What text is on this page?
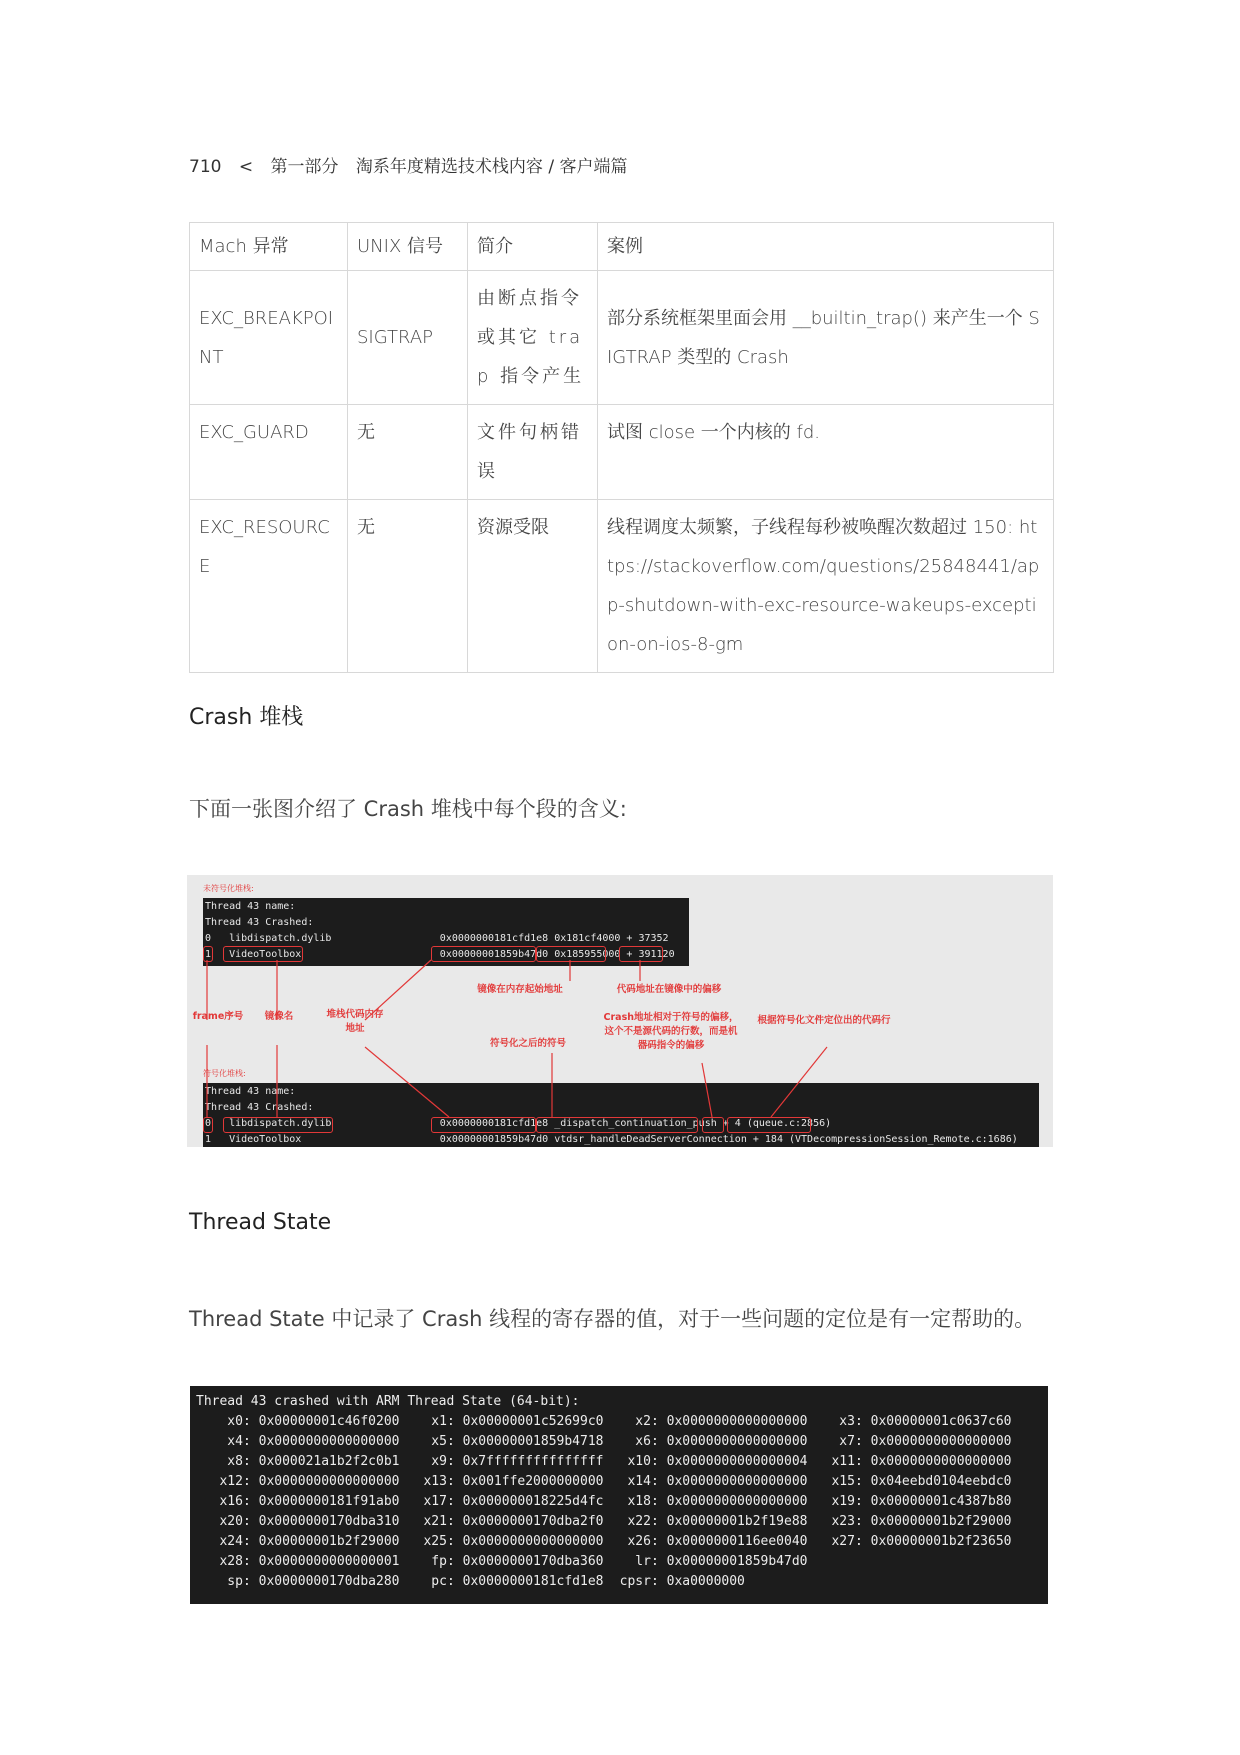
710 < 第一部分 淘系年度精选技术栈内容 / 客户端篇
Mach 异常	UNIX 信号	简介	案例
EXC_BREAKPOINT	SIGTRAP	由断点指令或其它 trap 指令产生	部分系统框架里面会用 __builtin_trap() 来产生一个 SIGTRAP 类型的 Crash
EXC_GUARD	无	文件句柄错误	试图 close 一个内核的 fd.
EXC_RESOURCE	无	资源受限	线程调度太频繁，子线程每秒被唤醒次数超过 150: https://stackoverflow.com/questions/25848441/app-shutdown-with-exc-resource-wakeups-exception-on-ios-8-gm
Crash 堆栈
下面一张图介绍了 Crash 堆栈中每个段的含义:
未符号化堆栈:

Thread 43 name:

Thread 43 Crashed:

0   libdispatch.dylib                  0x0000000181cfd1e8 0x181cf4000 + 37352

1   VideoToolbox                       0x00000001859b47d0 0x185955000 + 391120

符号化堆栈:

Thread 43 name:

Thread 43 Crashed:

0   libdispatch.dylib                  0x0000000181cfd1e8 _dispatch_continuation_push + 4 (queue.c:2856)

1   VideoToolbox                       0x00000001859b47d0 vtdsr_handleDeadServerConnection + 184 (VTDecompressionSession_Remote.c:1686)

frame序号	镜像名	堆栈代码内存地址
镜像在内存起始地址	代码地址在镜像中的偏移
符号化之后的符号
Crash地址相对于符号的偏移，这个不是源代码的行数，而是机器码指令的偏移
根据符号化文件定位出的代码行
Thread State
Thread State 中记录了 Crash 线程的寄存器的值，对于一些问题的定位是有一定帮助的。
Thread 43 crashed with ARM Thread State (64-bit):
x0: 0x00000001c46f0200 x1: 0x00000001c52699c0 x2: 0x0000000000000000 x3: 0x00000001c0637c60
x4: 0x0000000000000000 x5: 0x00000001859b4718 x6: 0x0000000000000000 x7: 0x0000000000000000
x8: 0x000021a1b2f2c0b1 x9: 0x7fffffffffffffff x10: 0x0000000000000004 x11: 0x0000000000000000
x12: 0x0000000000000000 x13: 0x001ffe2000000000 x14: 0x0000000000000000 x15: 0x04eebd0104eebdc0
x16: 0x0000000181f91ab0 x17: 0x000000018225d4fc x18: 0x0000000000000000 x19: 0x00000001c4387b80
x20: 0x0000000170dba310 x21: 0x0000000170dba2f0 x22: 0x00000001b2f19e88 x23: 0x00000001b2f29000
x24: 0x00000001b2f29000 x25: 0x0000000000000000 x26: 0x0000000116ee0040 x27: 0x00000001b2f23650
x28: 0x0000000000000001 fp: 0x0000000170dba360 lr: 0x00000001859b47d0
sp: 0x0000000170dba280 pc: 0x0000000181cfd1e8 cpsr: 0xa0000000
